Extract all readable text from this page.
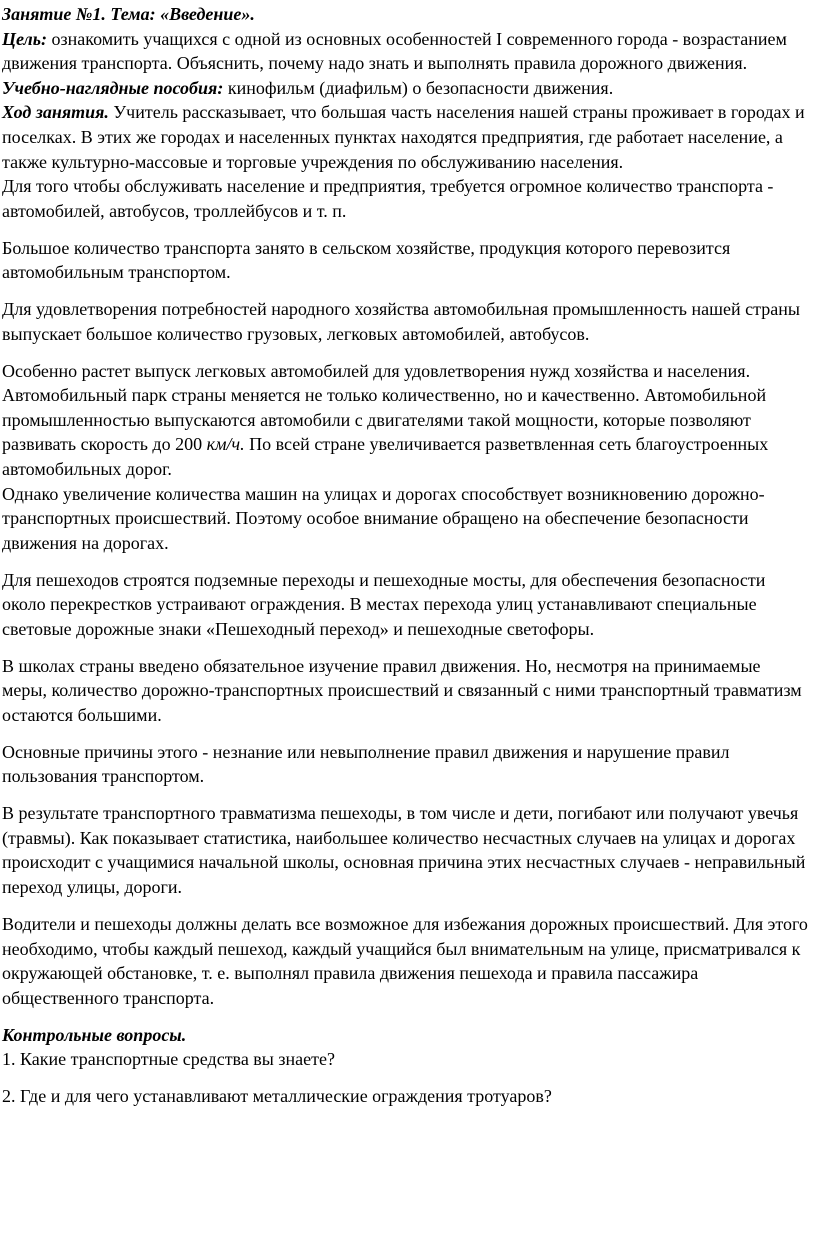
Занятие №1. Тема: «Введение».

Цель: ознакомить учащихся с одной из основных особенностей I современного города - возрастанием движения транспорта. Объяснить, почему надо знать и выполнять правила дорожного движения.

Учебно-наглядные пособия: кинофильм (диафильм) о безопасности движения.

Ход занятия. Учитель рассказывает, что большая часть населения нашей страны проживает в городах и поселках. В этих же городах и населенных пунктах находятся предприятия, где работает население, а также культурно-массовые и торговые учреждения по обслуживанию населения.

Для того чтобы обслуживать население и предприятия, требуется огромное количество транспорта - автомобилей, автобусов, троллейбусов и т. п.

Большое количество транспорта занято в сельском хозяйстве, продукция которого перевозится автомобильным транспортом.

Для удовлетворения потребностей народного хозяйства автомобильная промышленность нашей страны выпускает большое количество грузовых, легковых автомобилей, автобусов.

Особенно растет выпуск легковых автомобилей для удовлетворения нужд хозяйства и населения. Автомобильный парк страны меняется не только количественно, но и качественно. Автомобильной промышленностью выпускаются автомобили с двигателями такой мощности, которые позволяют развивать скорость до 200 км/ч. По всей стране увеличивается разветвленная сеть благоустроенных автомобильных дорог.

Однако увеличение количества машин на улицах и дорогах способствует возникновению дорожно-транспортных происшествий. Поэтому особое внимание обращено на обеспечение безопасности движения на дорогах.

Для пешеходов строятся подземные переходы и пешеходные мосты, для обеспечения безопасности около перекрестков устраивают ограждения. В местах перехода улиц устанавливают специальные световые дорожные знаки «Пешеходный переход» и пешеходные светофоры.

В школах страны введено обязательное изучение правил движения. Но, несмотря на принимаемые меры, количество дорожно-транспортных происшествий и связанный с ними транспортный травматизм остаются большими.

Основные причины этого - незнание или невыполнение правил движения и нарушение правил пользования транспортом.

В результате транспортного травматизма пешеходы, в том числе и дети, погибают или получают увечья (травмы). Как показывает статистика, наибольшее количество несчастных случаев на улицах и дорогах происходит с учащимися начальной школы, основная причина этих несчастных случаев - неправильный переход улицы, дороги.

Водители и пешеходы должны делать все возможное для избежания дорожных происшествий. Для этого необходимо, чтобы каждый пешеход, каждый учащийся был внимательным на улице, присматривался к окружающей обстановке, т. е. выполнял правила движения пешехода и правила пассажира общественного транспорта.

Контрольные вопросы.

1. Какие транспортные средства вы знаете?

2. Где и для чего устанавливают металлические ограждения тротуаров?
